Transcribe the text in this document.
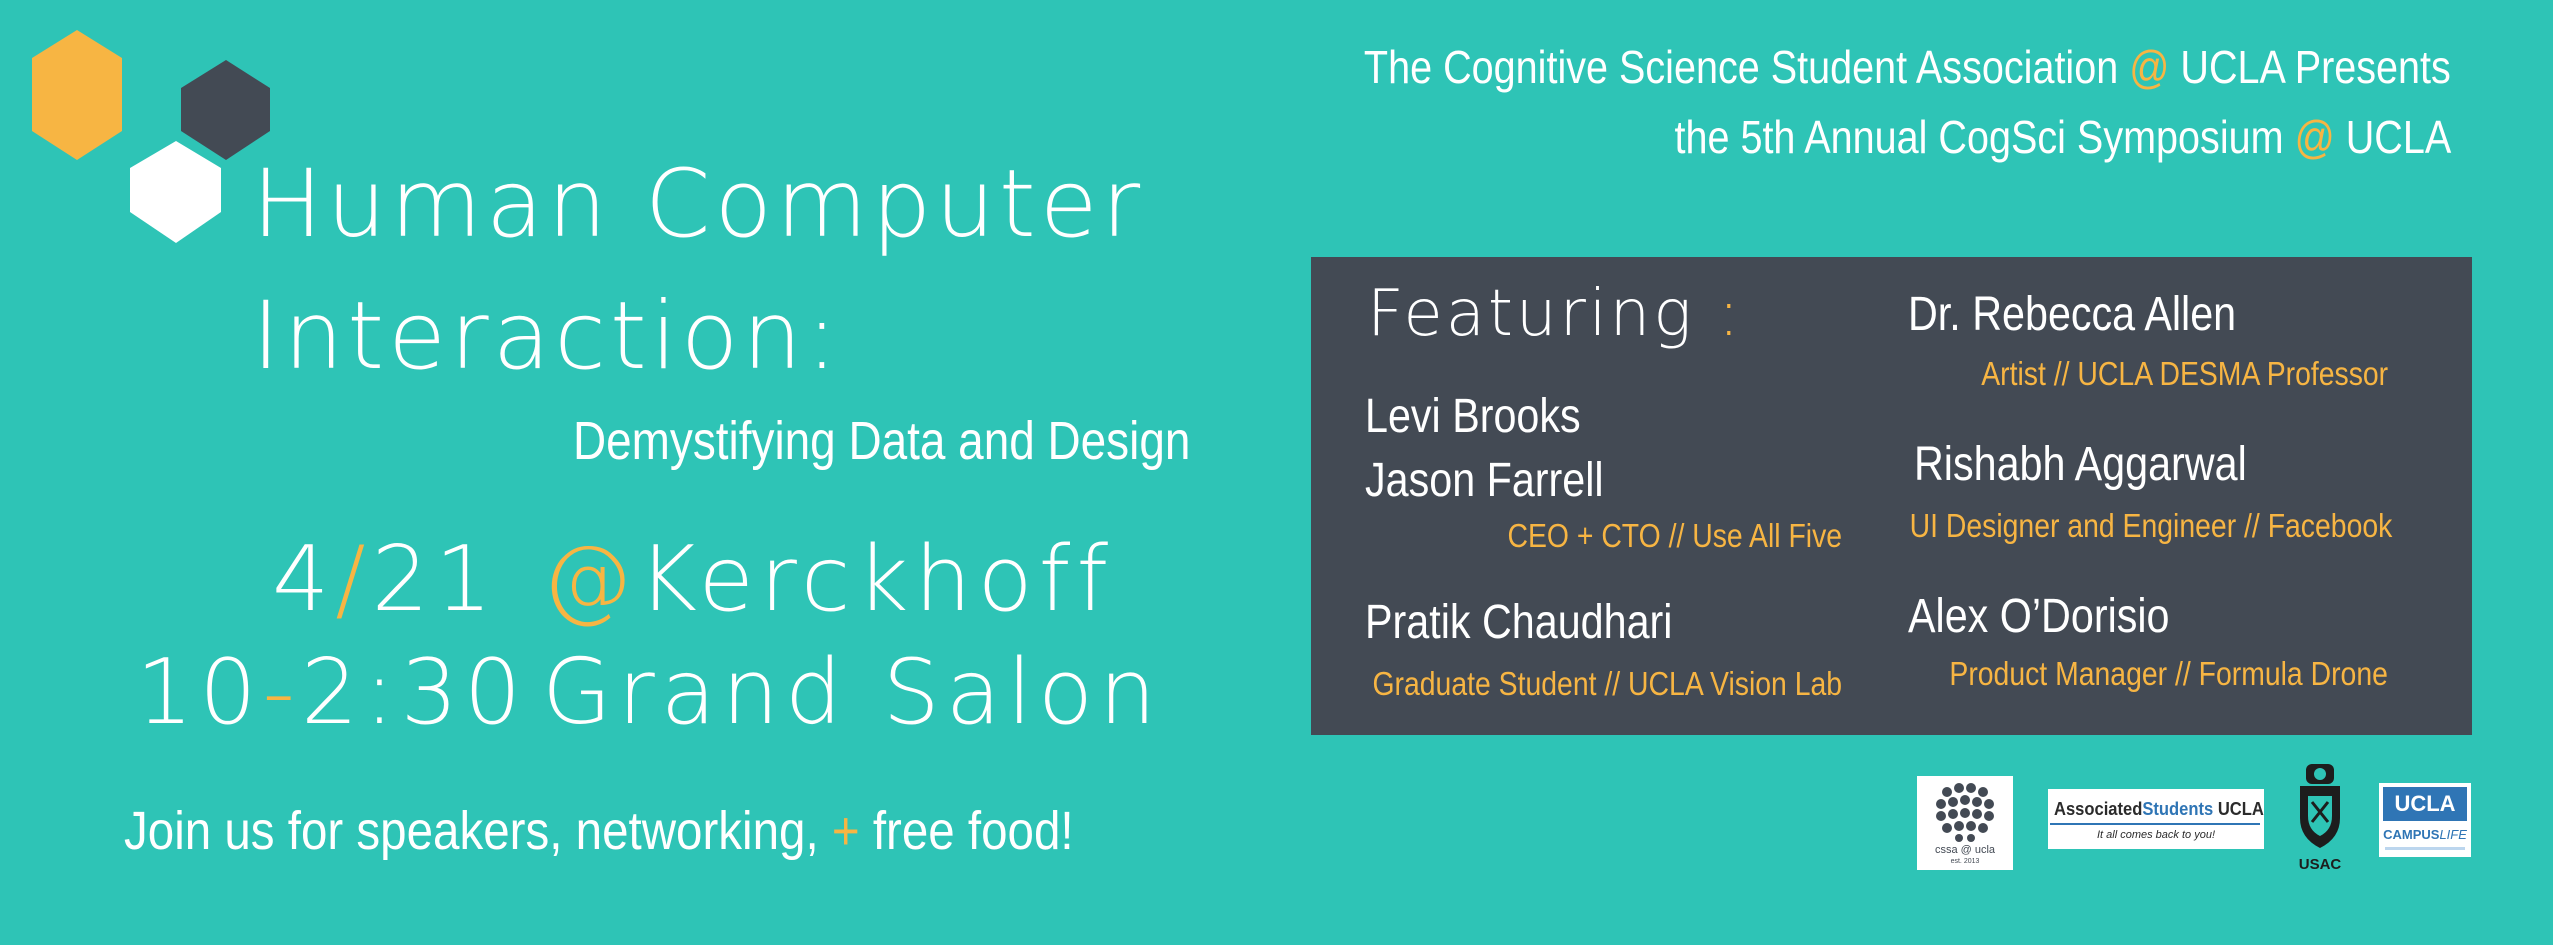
Human Computer
Interaction:
Demystifying Data and Design
4/21
10-2:30
@Kerckhoff
Grand Salon
Join us for speakers, networking, + free food!
The Cognitive Science Student Association @ UCLA Presents
the 5th Annual CogSci Symposium @ UCLA
Featuring :
Levi Brooks
Jason Farrell
CEO + CTO // Use All Five
Pratik Chaudhari
Graduate Student // UCLA Vision Lab
Dr. Rebecca Allen
Artist // UCLA DESMA Professor
Rishabh Aggarwal
UI Designer and Engineer // Facebook
Alex O’Dorisio
Product Manager // Formula Drone
cssa @ ucla
est. 2013
AssociatedStudents UCLA
It all comes back to you!
USAC
UCLA
CAMPUSLIFE
